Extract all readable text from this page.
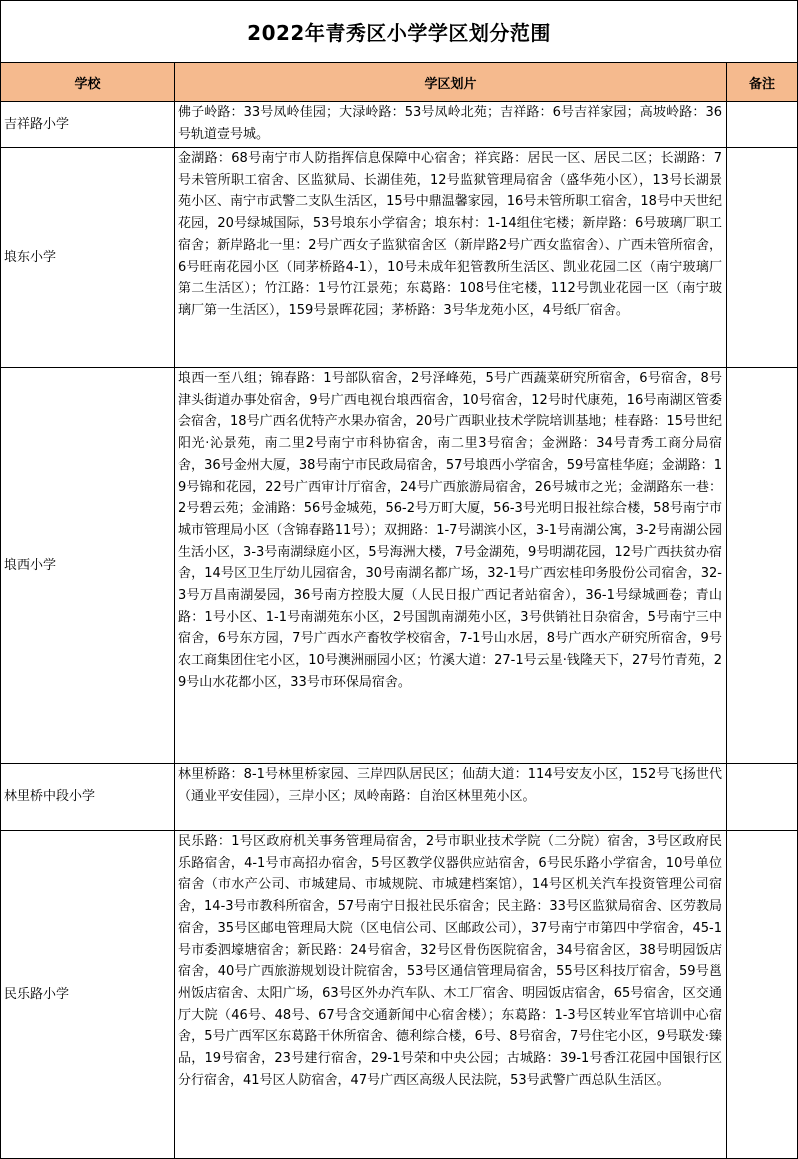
2022年青秀区小学学区划分范围		
学校	学区划片	备注
吉祥路小学	佛子岭路：33号凤岭佳园；大渌岭路：53号凤岭北苑；吉祥路：6号吉祥家园；高坡岭路：36号轨道壹号城。	
埌东小学	金湖路：68号南宁市人防指挥信息保障中心宿舍；祥宾路：居民一区、居民二区；长湖路：7号未管所职工宿舍、区监狱局、长湖佳苑，12号监狱管理局宿舍（盛华苑小区），13号长湖景苑小区、南宁市武警二支队生活区，15号中鼎温馨家园，16号未管所职工宿舍，18号中天世纪花园，20号绿城国际，53号埌东小学宿舍；埌东村：1-14组住宅楼；新岸路：6号玻璃厂职工宿舍；新岸路北一里：2号广西女子监狱宿舍区（新岸路2号广西女监宿舍）、广西未管所宿舍，6号旺南花园小区（同茅桥路4-1），10号未成年犯管教所生活区、凯业花园二区（南宁玻璃厂第二生活区）；竹江路：1号竹江景苑；东葛路：108号住宅楼，112号凯业花园一区（南宁玻璃厂第一生活区），159号景晖花园；茅桥路：3号华龙苑小区，4号纸厂宿舍。	
埌西小学	埌西一至八组；锦春路：1号部队宿舍，2号泽峰苑，5号广西蔬菜研究所宿舍，6号宿舍，8号津头街道办事处宿舍，9号广西电视台埌西宿舍，10号宿舍，12号时代康苑，16号南湖区管委会宿舍，18号广西名优特产水果办宿舍，20号广西职业技术学院培训基地；桂春路：15号世纪阳光·沁景苑，南二里2号南宁市科协宿舍，南二里3号宿舍；金洲路：34号青秀工商分局宿舍，36号金州大厦，38号南宁市民政局宿舍，57号埌西小学宿舍，59号富桂华庭；金湖路：19号锦和花园，22号广西审计厅宿舍，24号广西旅游局宿舍，26号城市之光；金湖路东一巷：2号碧云苑；金浦路：56号金城苑，56-2号万町大厦，56-3号光明日报社综合楼，58号南宁市城市管理局小区（含锦春路11号）；双拥路：1-7号湖滨小区，3-1号南湖公寓，3-2号南湖公园生活小区，3-3号南湖绿庭小区，5号海洲大楼，7号金湖苑，9号明湖花园，12号广西扶贫办宿舍，14号区卫生厅幼儿园宿舍，30号南湖名都广场，32-1号广西宏桂印务股份公司宿舍，32-3号万昌南湖晏园，36号南方控股大厦（人民日报广西记者站宿舍），36-1号绿城画卷；青山路：1号小区、1-1号南湖苑东小区，2号国凯南湖苑小区，3号供销社日杂宿舍，5号南宁三中宿舍，6号东方园，7号广西水产畜牧学校宿舍，7-1号山水居，8号广西水产研究所宿舍，9号农工商集团住宅小区，10号澳洲丽园小区；竹溪大道：27-1号云星·钱隆天下，27号竹青苑，29号山水花都小区，33号市环保局宿舍。	
林里桥中段小学	林里桥路：8-1号林里桥家园、三岸四队居民区；仙葫大道：114号安友小区，152号飞扬世代（通业平安佳园），三岸小区；凤岭南路：自治区林里苑小区。	
民乐路小学	民乐路：1号区政府机关事务管理局宿舍，2号市职业技术学院（二分院）宿舍，3号区政府民乐路宿舍，4-1号市高招办宿舍，5号区教学仪器供应站宿舍，6号民乐路小学宿舍，10号单位宿舍（市水产公司、市城建局、市城规院、市城建档案馆），14号区机关汽车投资管理公司宿舍，14-3号市教科所宿舍，57号南宁日报社民乐宿舍；民主路：33号区监狱局宿舍、区劳教局宿舍，35号区邮电管理局大院（区电信公司、区邮政公司），37号南宁市第四中学宿舍，45-1号市委泗壕塘宿舍；新民路：24号宿舍，32号区骨伤医院宿舍，34号宿舍区，38号明园饭店宿舍，40号广西旅游规划设计院宿舍，53号区通信管理局宿舍，55号区科技厅宿舍，59号邕州饭店宿舍、太阳广场，63号区外办汽车队、木工厂宿舍、明园饭店宿舍，65号宿舍，区交通厅大院（46号、48号、67号含交通新闻中心宿舍楼）；东葛路：1-3号区转业军官培训中心宿舍，5号广西军区东葛路干休所宿舍、德利综合楼，6号、8号宿舍，7号住宅小区，9号联发·臻品，19号宿舍，23号建行宿舍，29-1号荣和中央公园；古城路：39-1号香江花园中国银行区分行宿舍，41号区人防宿舍，47号广西区高级人民法院，53号武警广西总队生活区。	
